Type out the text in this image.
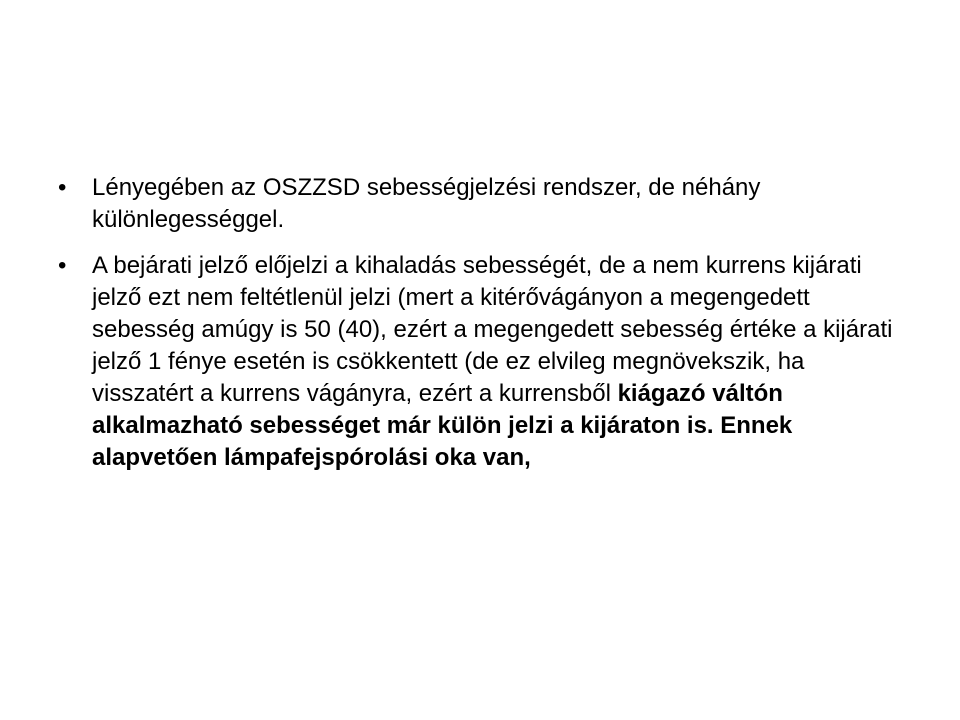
•	Lényegében az OSZZSD sebességjelzési rendszer, de néhány különlegességgel.
•	A bejárati jelző előjelzi a kihaladás sebességét, de a nem kurrens kijárati jelző ezt nem feltétlenül jelzi (mert a kitérővágányon a megengedett sebesség amúgy is 50 (40), ezért a megengedett sebesség értéke a kijárati jelző 1 fénye esetén is csökkentett (de ez elvileg megnövekszik, ha visszatért a kurrens vágányra, ezért a kurrensből kiágazó váltón alkalmazható sebességet már külön jelzi a kijáraton is. Ennek alapvetően lámpafejspórolási oka van,
